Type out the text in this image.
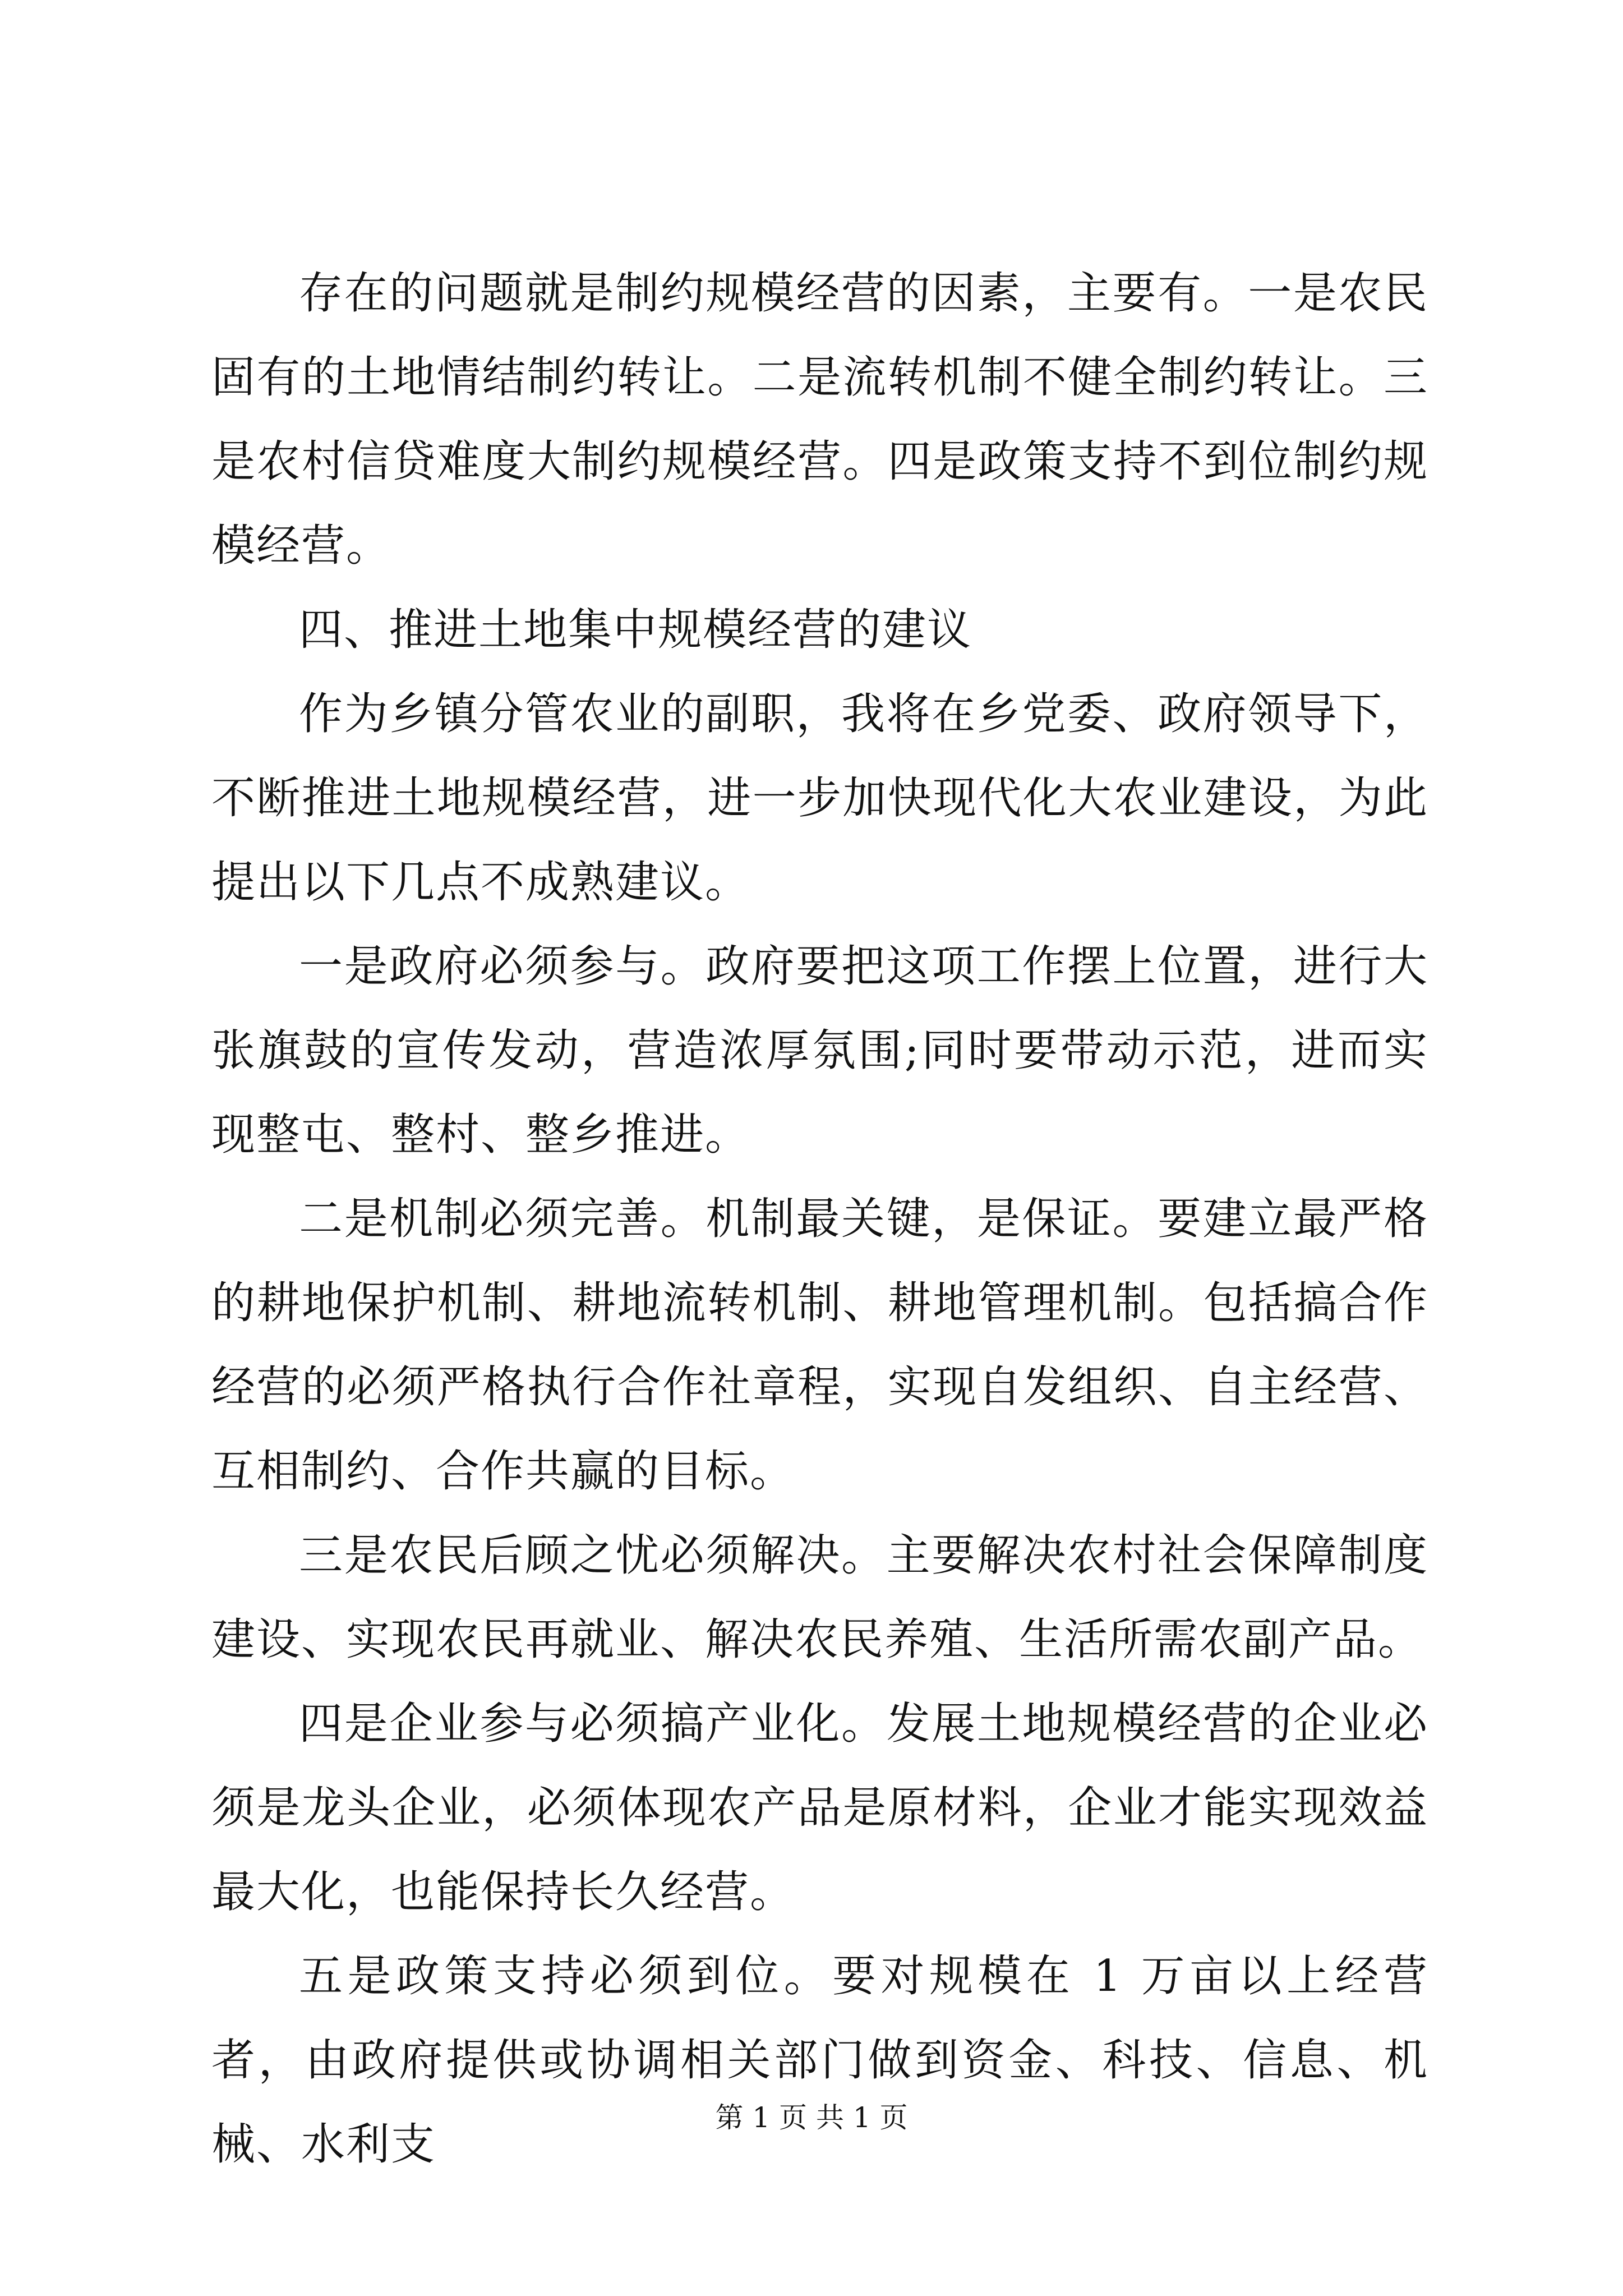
存在的问题就是制约规模经营的因素，主要有。一是农民固有的土地情结制约转让。二是流转机制不健全制约转让。三是农村信贷难度大制约规模经营。四是政策支持不到位制约规模经营。

四、推进土地集中规模经营的建议

作为乡镇分管农业的副职，我将在乡党委、政府领导下，不断推进土地规模经营，进一步加快现代化大农业建设，为此提出以下几点不成熟建议。

一是政府必须参与。政府要把这项工作摆上位置，进行大张旗鼓的宣传发动，营造浓厚氛围;同时要带动示范，进而实现整屯、整村、整乡推进。

二是机制必须完善。机制最关键，是保证。要建立最严格的耕地保护机制、耕地流转机制、耕地管理机制。包括搞合作经营的必须严格执行合作社章程，实现自发组织、自主经营、互相制约、合作共赢的目标。

三是农民后顾之忧必须解决。主要解决农村社会保障制度建设、实现农民再就业、解决农民养殖、生活所需农副产品。

四是企业参与必须搞产业化。发展土地规模经营的企业必须是龙头企业，必须体现农产品是原材料，企业才能实现效益最大化，也能保持长久经营。

五是政策支持必须到位。要对规模在 1 万亩以上经营者，由政府提供或协调相关部门做到资金、科技、信息、机械、水利支

第 1 页 共 1 页
